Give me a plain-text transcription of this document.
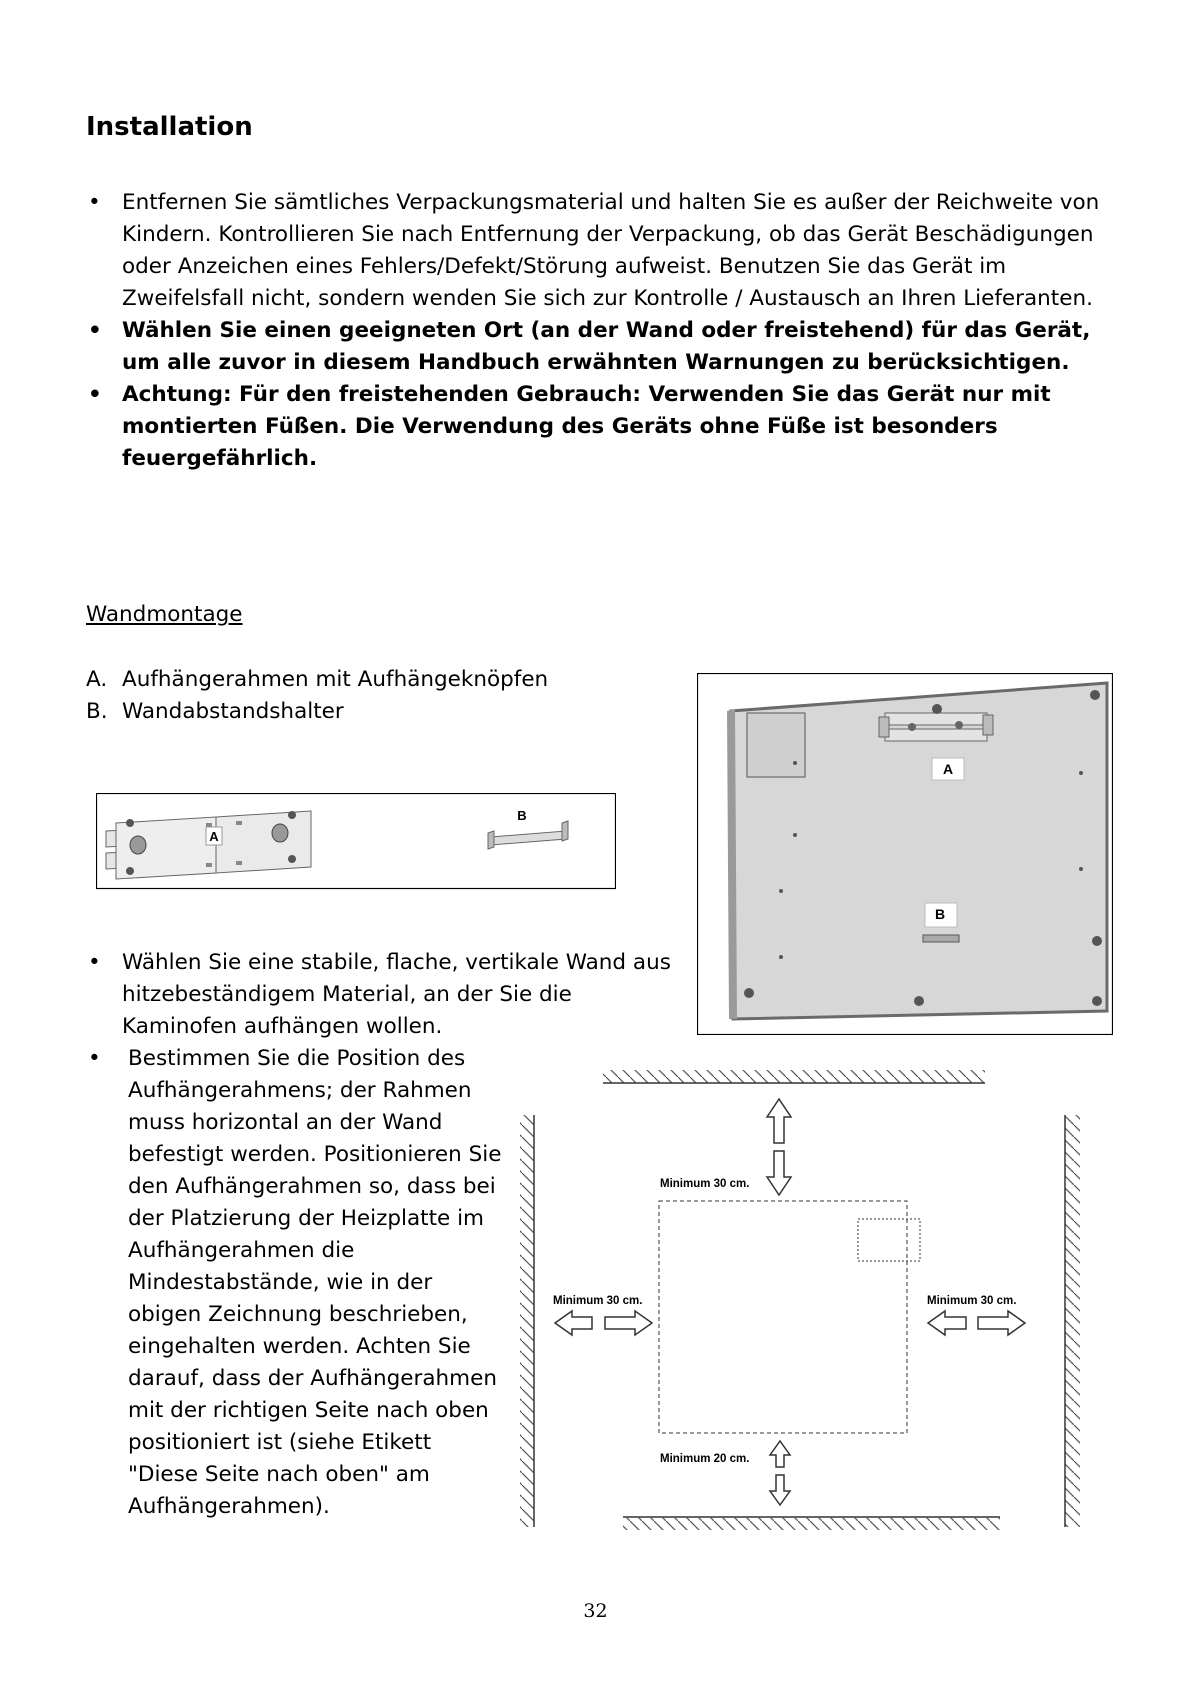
Installation
• Entfernen Sie sämtliches Verpackungsmaterial und halten Sie es außer der Reichweite von Kindern. Kontrollieren Sie nach Entfernung der Verpackung, ob das Gerät Beschädigungen oder Anzeichen eines Fehlers/Defekt/Störung aufweist. Benutzen Sie das Gerät im Zweifelsfall nicht, sondern wenden Sie sich zur Kontrolle / Austausch an Ihren Lieferanten.
• Wählen Sie einen geeigneten Ort (an der Wand oder freistehend) für das Gerät, um alle zuvor in diesem Handbuch erwähnten Warnungen zu berücksichtigen.
• Achtung: Für den freistehenden Gebrauch: Verwenden Sie das Gerät nur mit montierten Füßen. Die Verwendung des Geräts ohne Füße ist besonders feuergefährlich.
Wandmontage
A. Aufhängerahmen mit Aufhängeknöpfen
B. Wandabstandshalter
A
B
A
B
• Wählen Sie eine stabile, flache, vertikale Wand aus hitzebeständigem Material, an der Sie die Kaminofen aufhängen wollen.
• Bestimmen Sie die Position des Aufhängerahmens; der Rahmen muss horizontal an der Wand befestigt werden. Positionieren Sie den Aufhängerahmen so, dass bei der Platzierung der Heizplatte im Aufhängerahmen die Mindestabstände, wie in der obigen Zeichnung beschrieben, eingehalten werden. Achten Sie darauf, dass der Aufhängerahmen mit der richtigen Seite nach oben positioniert ist (siehe Etikett "Diese Seite nach oben" am Aufhängerahmen).
Minimum 30 cm.
Minimum 30 cm.	Minimum 30 cm.
Minimum 20 cm.
32
